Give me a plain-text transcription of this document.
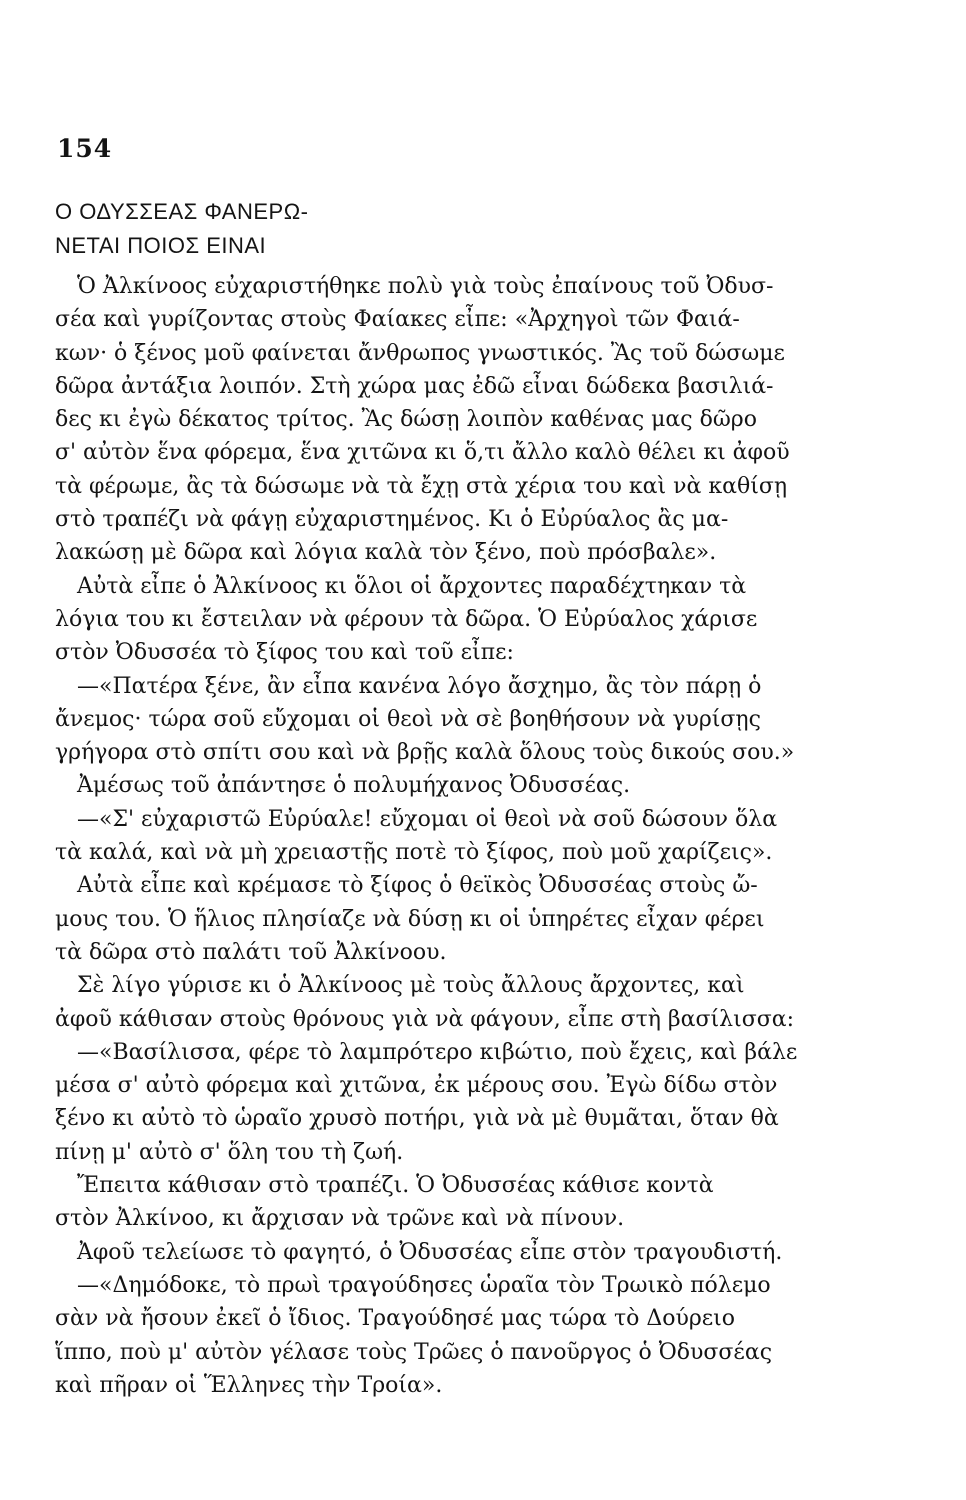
154
Ο ΟΔΥΣΣΕΑΣ ΦΑΝΕΡΩ-
ΝΕΤΑΙ ΠΟΙΟΣ ΕΙΝΑΙ
Ὁ Ἀλκίνοος εὐχαριστήθηκε πολὺ γιὰ τοὺς ἐπαίνους τοῦ Ὀδυσ-
σέα καὶ γυρίζοντας στοὺς Φαίακες εἶπε: «Ἀρχηγοὶ τῶν Φαιά-
κων· ὁ ξένος μοῦ φαίνεται ἄνθρωπος γνωστικός. Ἂς τοῦ δώσωμε
δῶρα ἀντάξια λοιπόν. Στὴ χώρα μας ἐδῶ εἶναι δώδεκα βασιλιά-
δες κι ἐγὼ δέκατος τρίτος. Ἂς δώσῃ λοιπὸν καθένας μας δῶρο
σ' αὐτὸν ἕνα φόρεμα, ἕνα χιτῶνα κι ὅ,τι ἄλλο καλὸ θέλει κι ἀφοῦ
τὰ φέρωμε, ἂς τὰ δώσωμε νὰ τὰ ἔχῃ στὰ χέρια του καὶ νὰ καθίσῃ
στὸ τραπέζι νὰ φάγῃ εὐχαριστημένος. Κι ὁ Εὐρύαλος ἂς μα-
λακώσῃ μὲ δῶρα καὶ λόγια καλὰ τὸν ξένο, ποὺ πρόσβαλε».
Αὐτὰ εἶπε ὁ Ἀλκίνοος κι ὅλοι οἱ ἄρχοντες παραδέχτηκαν τὰ
λόγια του κι ἔστειλαν νὰ φέρουν τὰ δῶρα. Ὁ Εὐρύαλος χάρισε
στὸν Ὀδυσσέα τὸ ξίφος του καὶ τοῦ εἶπε:
—«Πατέρα ξένε, ἂν εἶπα κανένα λόγο ἄσχημο, ἂς τὸν πάρῃ ὁ
ἄνεμος· τώρα σοῦ εὔχομαι οἱ θεοὶ νὰ σὲ βοηθήσουν νὰ γυρίσῃς
γρήγορα στὸ σπίτι σου καὶ νὰ βρῇς καλὰ ὅλους τοὺς δικούς σου.»
Ἀμέσως τοῦ ἀπάντησε ὁ πολυμήχανος Ὀδυσσέας.
—«Σ' εὐχαριστῶ Εὐρύαλε! εὔχομαι οἱ θεοὶ νὰ σοῦ δώσουν ὅλα
τὰ καλά, καὶ νὰ μὴ χρειαστῇς ποτὲ τὸ ξίφος, ποὺ μοῦ χαρίζεις».
Αὐτὰ εἶπε καὶ κρέμασε τὸ ξίφος ὁ θεϊκὸς Ὀδυσσέας στοὺς ὤ-
μους του. Ὁ ἥλιος πλησίαζε νὰ δύσῃ κι οἱ ὑπηρέτες εἶχαν φέρει
τὰ δῶρα στὸ παλάτι τοῦ Ἀλκίνοου.
Σὲ λίγο γύρισε κι ὁ Ἀλκίνοος μὲ τοὺς ἄλλους ἄρχοντες, καὶ
ἀφοῦ κάθισαν στοὺς θρόνους γιὰ νὰ φάγουν, εἶπε στὴ βασίλισσα:
—«Βασίλισσα, φέρε τὸ λαμπρότερο κιβώτιο, ποὺ ἔχεις, καὶ βάλε
μέσα σ' αὐτὸ φόρεμα καὶ χιτῶνα, ἐκ μέρους σου. Ἐγὼ δίδω στὸν
ξένο κι αὐτὸ τὸ ὡραῖο χρυσὸ ποτήρι, γιὰ νὰ μὲ θυμᾶται, ὅταν θὰ
πίνῃ μ' αὐτὸ σ' ὅλη του τὴ ζωή.
Ἔπειτα κάθισαν στὸ τραπέζι. Ὁ Ὀδυσσέας κάθισε κοντὰ
στὸν Ἀλκίνοο, κι ἄρχισαν νὰ τρῶνε καὶ νὰ πίνουν.
Ἀφοῦ τελείωσε τὸ φαγητό, ὁ Ὀδυσσέας εἶπε στὸν τραγουδιστή.
—«Δημόδοκε, τὸ πρωὶ τραγούδησες ὡραῖα τὸν Τρωικὸ πόλεμο
σὰν νὰ ἤσουν ἐκεῖ ὁ ἴδιος. Τραγούδησέ μας τώρα τὸ Δούρειο
ἵππο, ποὺ μ' αὐτὸν γέλασε τοὺς Τρῶες ὁ πανοῦργος ὁ Ὀδυσσέας
καὶ πῆραν οἱ Ἕλληνες τὴν Τροία».
